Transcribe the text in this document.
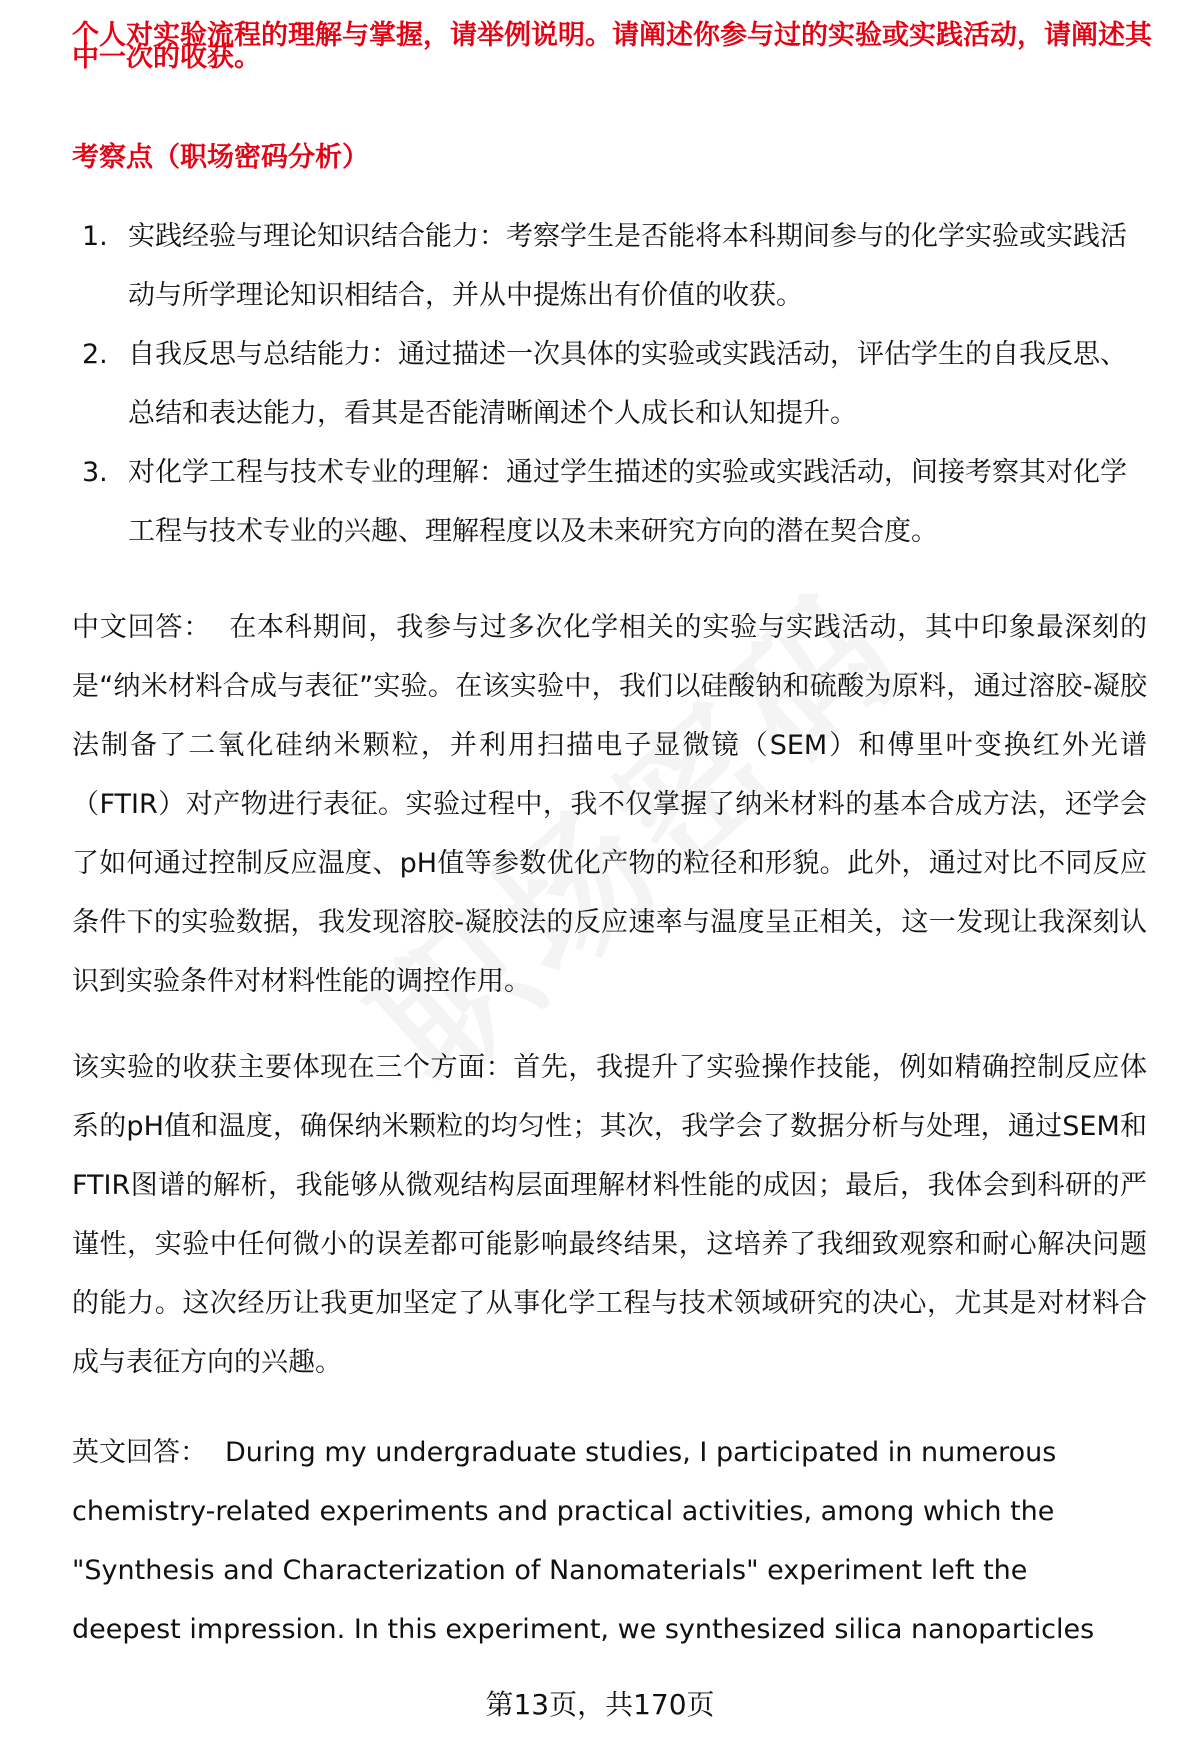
个人对实验流程的理解与掌握，请举例说明。请阐述你参与过的实验或实践活动，请阐述其
中一次的收获。
考察点（职场密码分析）
1. 实践经验与理论知识结合能力：考察学生是否能将本科期间参与的化学实验或实践活动与所学理论知识相结合，并从中提炼出有价值的收获。
2. 自我反思与总结能力：通过描述一次具体的实验或实践活动，评估学生的自我反思、总结和表达能力，看其是否能清晰阐述个人成长和认知提升。
3. 对化学工程与技术专业的理解：通过学生描述的实验或实践活动，间接考察其对化学工程与技术专业的兴趣、理解程度以及未来研究方向的潜在契合度。

中文回答： 在本科期间，我参与过多次化学相关的实验与实践活动，其中印象最深刻的是“纳米材料合成与表征”实验。在该实验中，我们以硅酸钠和硫酸为原料，通过溶胶-凝胶法制备了二氧化硅纳米颗粒，并利用扫描电子显微镜（SEM）和傅里叶变换红外光谱（FTIR）对产物进行表征。实验过程中，我不仅掌握了纳米材料的基本合成方法，还学会了如何通过控制反应温度、pH值等参数优化产物的粒径和形貌。此外，通过对比不同反应条件下的实验数据，我发现溶胶-凝胶法的反应速率与温度呈正相关，这一发现让我深刻认识到实验条件对材料性能的调控作用。

该实验的收获主要体现在三个方面：首先，我提升了实验操作技能，例如精确控制反应体系的pH值和温度，确保纳米颗粒的均匀性；其次，我学会了数据分析与处理，通过SEM和FTIR图谱的解析，我能够从微观结构层面理解材料性能的成因；最后，我体会到科研的严谨性，实验中任何微小的误差都可能影响最终结果，这培养了我细致观察和耐心解决问题的能力。这次经历让我更加坚定了从事化学工程与技术领域研究的决心，尤其是对材料合成与表征方向的兴趣。

英文回答： During my undergraduate studies, I participated in numerous chemistry-related experiments and practical activities, among which the "Synthesis and Characterization of Nanomaterials" experiment left the deepest impression. In this experiment, we synthesized silica nanoparticles

第13页，共170页
